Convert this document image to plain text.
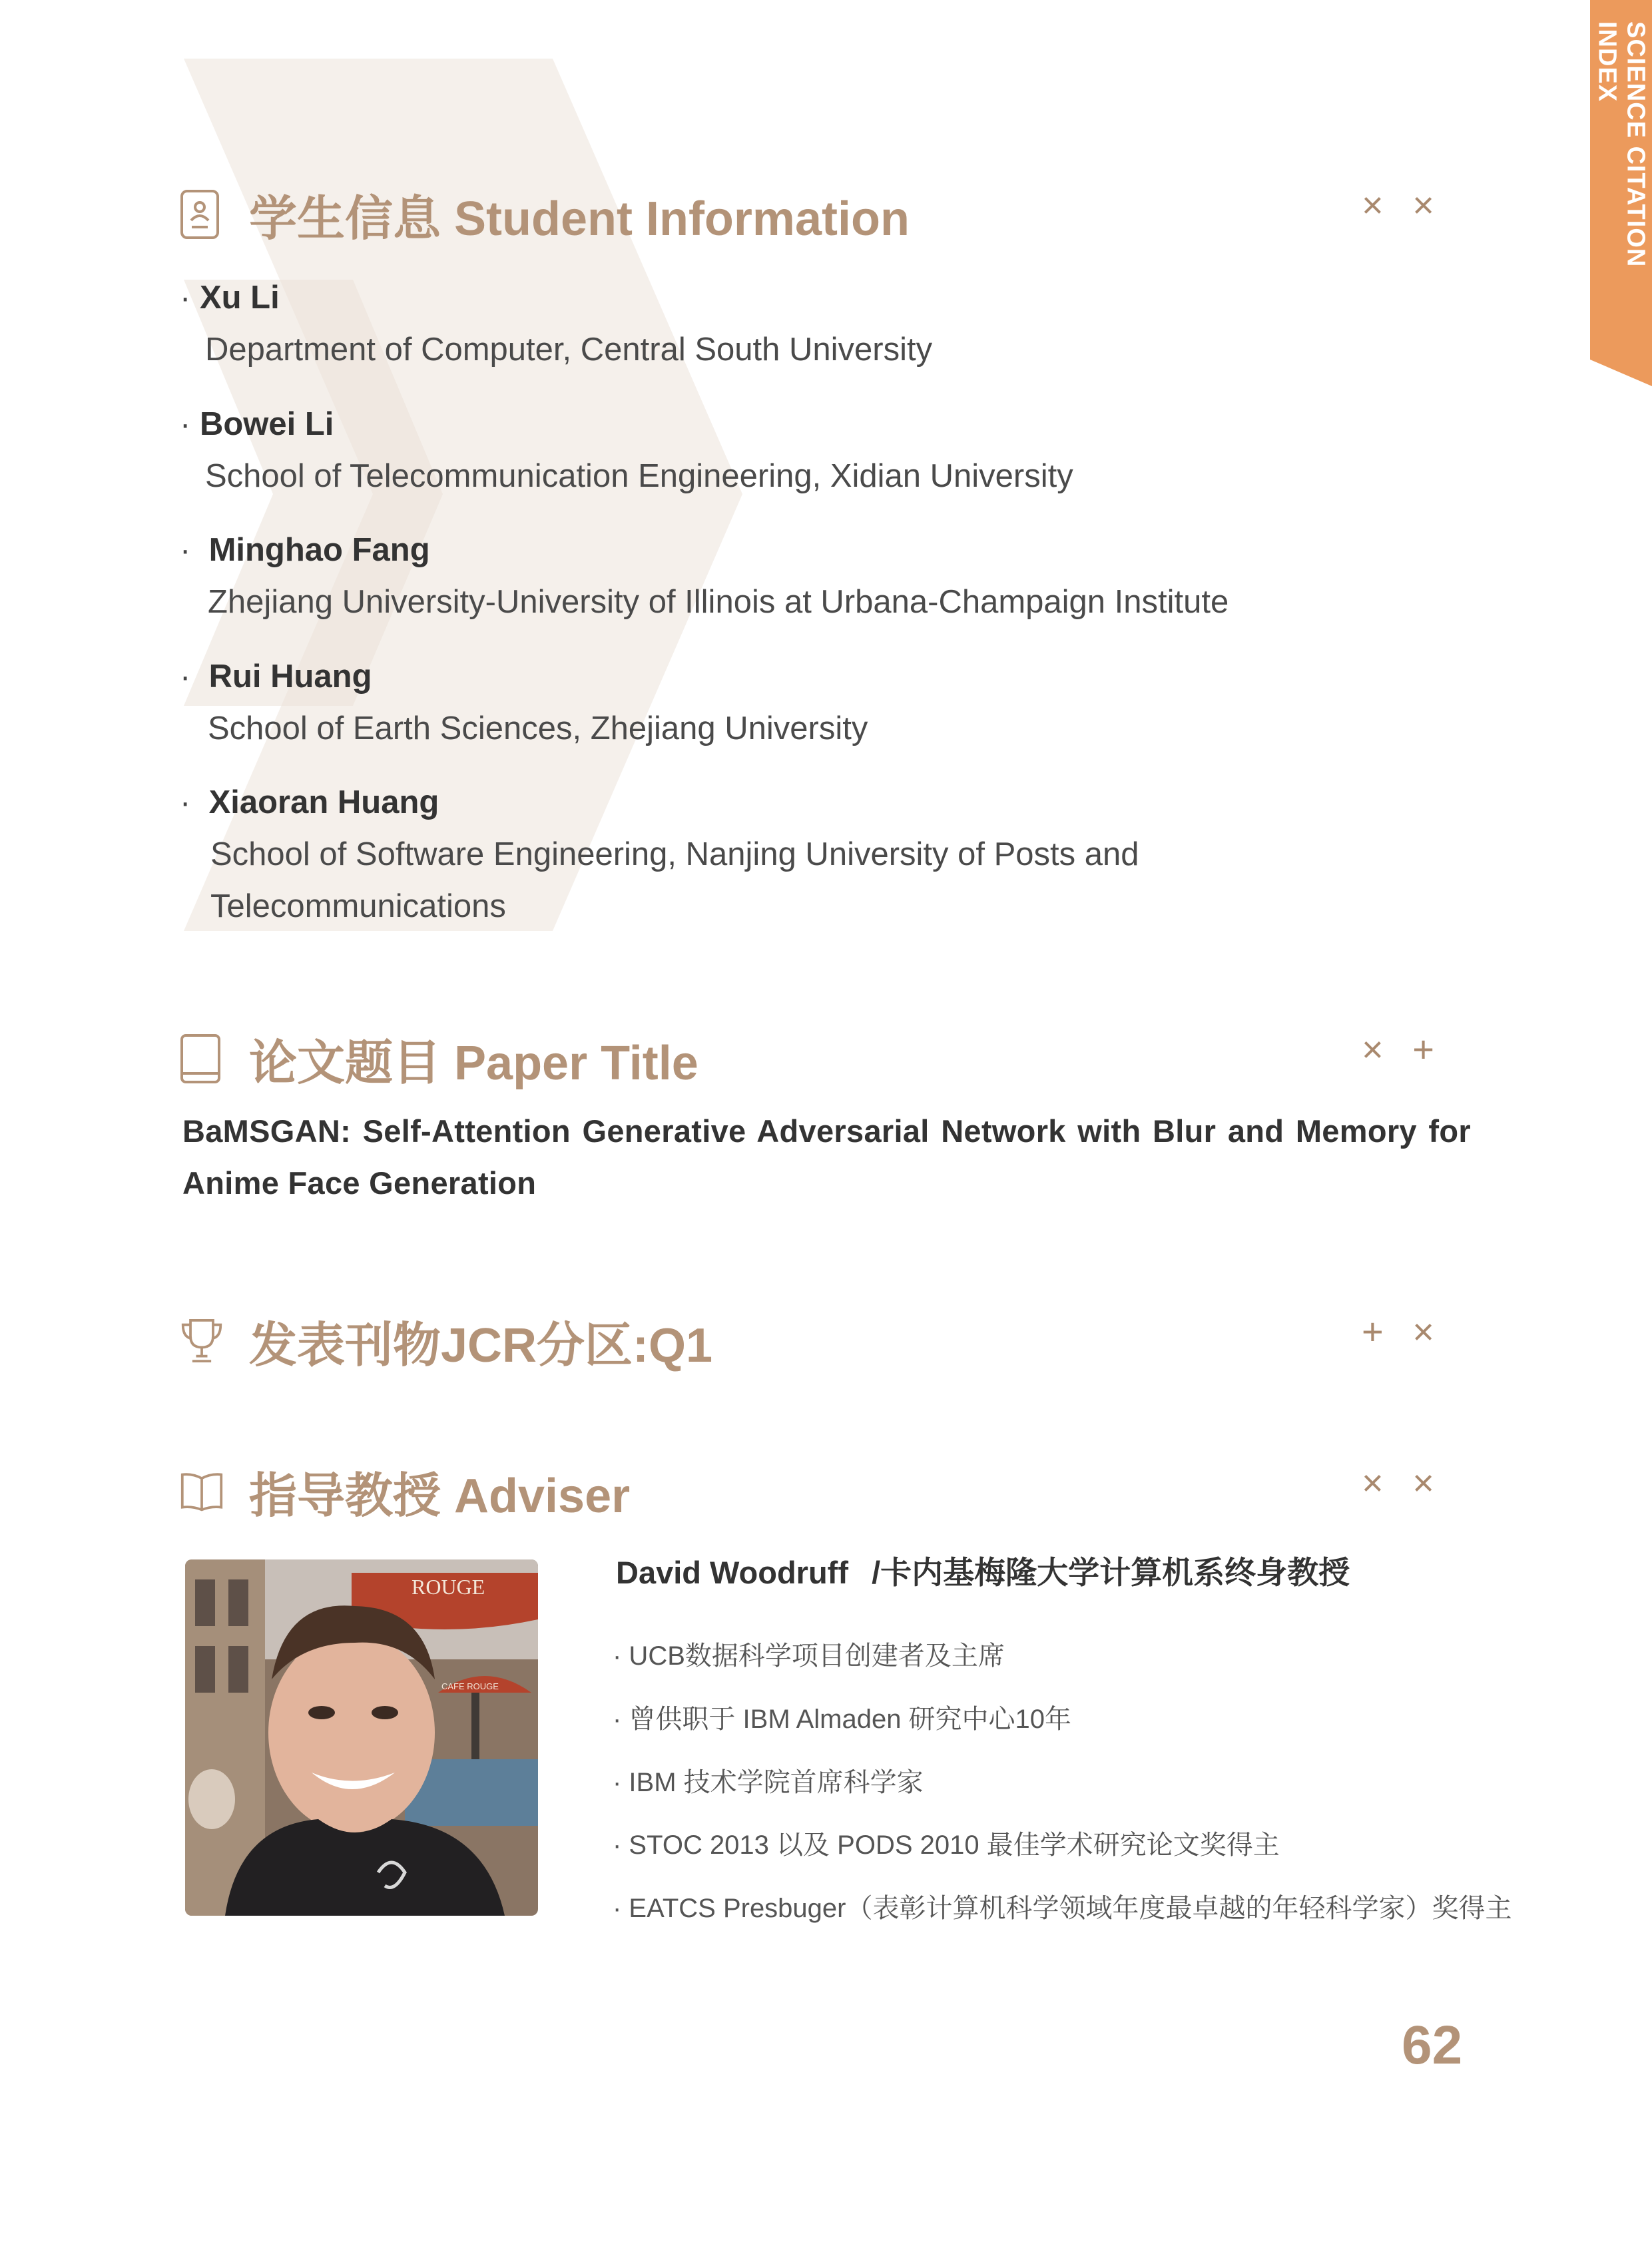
SCIENCE CITATION INDEX
学生信息 Student Information	× ×
· Xu Li
Department of Computer, Central South University
· Bowei Li
School of Telecommunication Engineering, Xidian University
· Minghao Fang
Zhejiang University-University of Illinois at Urbana-Champaign Institute
· Rui Huang
School of Earth Sciences, Zhejiang University
· Xiaoran Huang
School of Software Engineering, Nanjing University of Posts and
Telecommunications
论文题目 Paper Title	× +
BaMSGAN: Self-Attention Generative Adversarial Network with Blur and Memory for Anime Face Generation
发表刊物JCR分区:Q1	+ ×
指导教授 Adviser	× ×
ROUGE
CAFE ROUGE
David Woodruff /卡内基梅隆大学计算机系终身教授
· UCB数据科学项目创建者及主席
· 曾供职于 IBM Almaden 研究中心10年
· IBM 技术学院首席科学家
· STOC 2013 以及 PODS 2010 最佳学术研究论文奖得主
· EATCS Presbuger（表彰计算机科学领域年度最卓越的年轻科学家）奖得主
62
